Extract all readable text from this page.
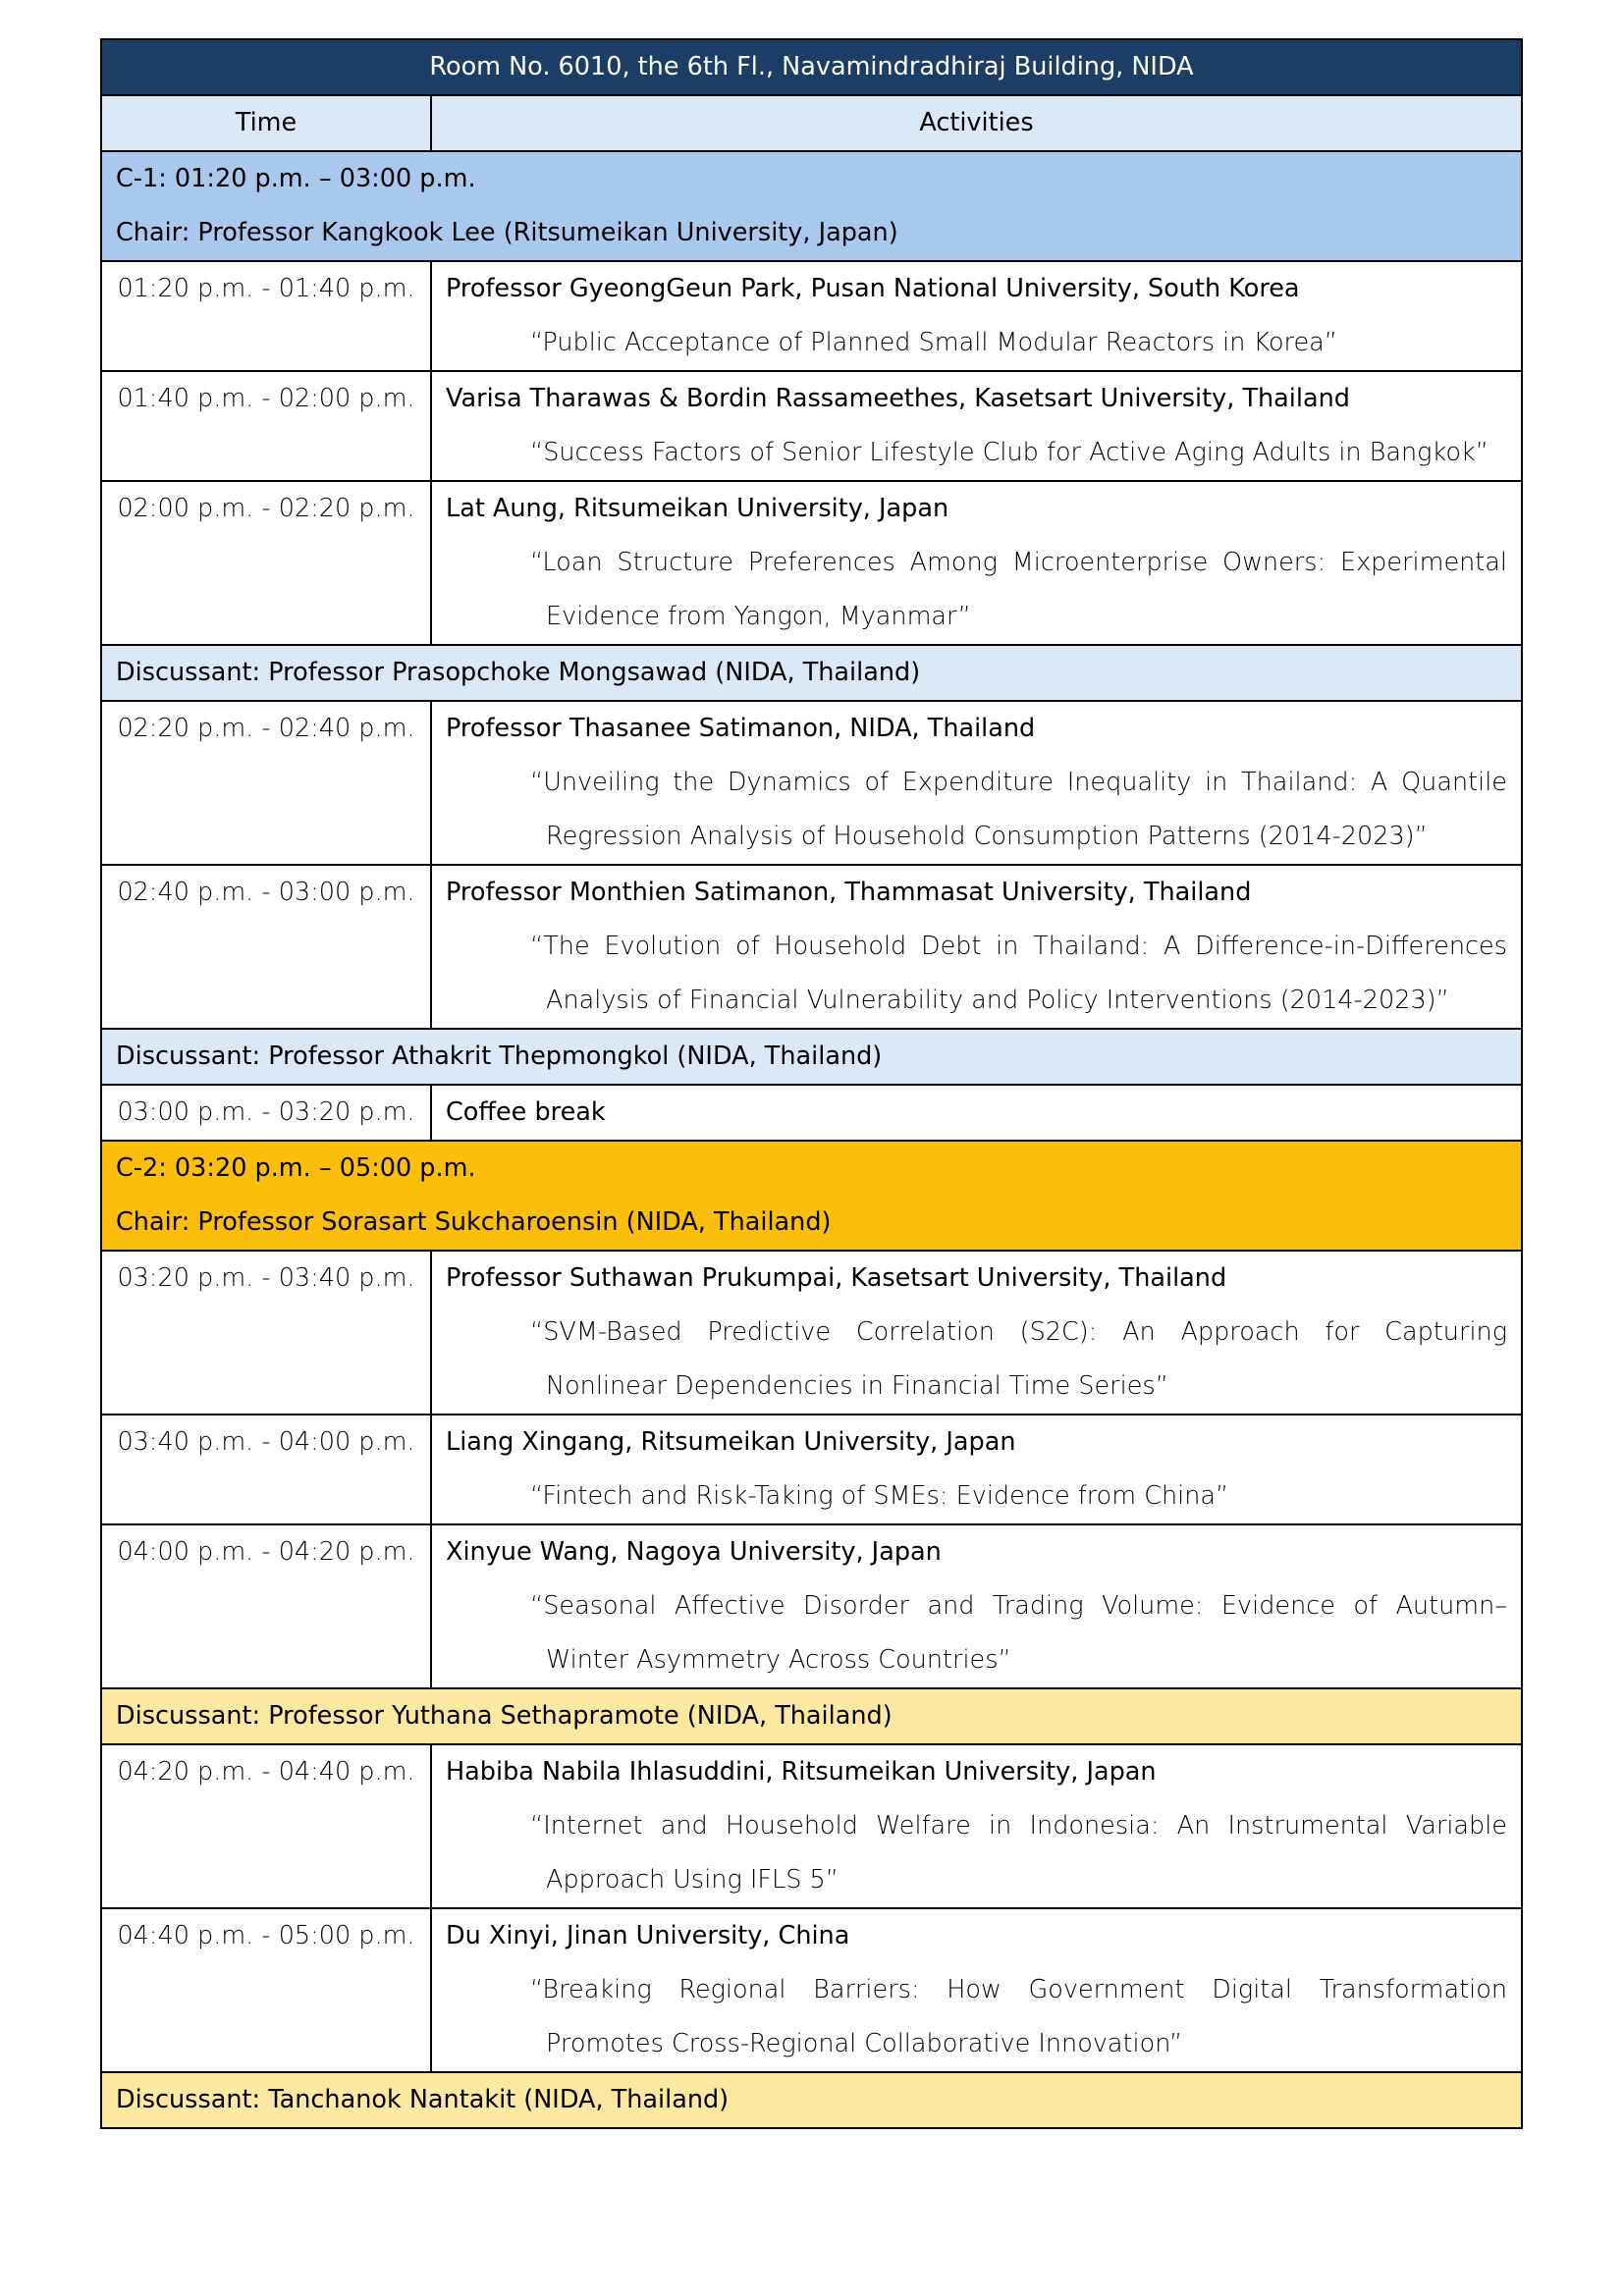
Room No. 6010, the 6th Fl., Navamindradhiraj Building, NIDA	
Time	Activities

C-1: 01:20 p.m. – 03:00 p.m.
Chair: Professor Kangkook Lee (Ritsumeikan University, Japan)	

01:20 p.m. - 01:40 p.m.	Professor GyeongGeun Park, Pusan National University, South Korea
“Public Acceptance of Planned Small Modular Reactors in Korea”

01:40 p.m. - 02:00 p.m.	Varisa Tharawas & Bordin Rassameethes, Kasetsart University, Thailand
“Success Factors of Senior Lifestyle Club for Active Aging Adults in Bangkok”

02:00 p.m. - 02:20 p.m.	Lat Aung, Ritsumeikan University, Japan
“Loan Structure Preferences Among Microenterprise Owners: Experimental Evidence from Yangon, Myanmar”

Discussant: Professor Prasopchoke Mongsawad (NIDA, Thailand)	
02:20 p.m. - 02:40 p.m.	Professor Thasanee Satimanon, NIDA, Thailand
“Unveiling the Dynamics of Expenditure Inequality in Thailand: A Quantile Regression Analysis of Household Consumption Patterns (2014-2023)”

02:40 p.m. - 03:00 p.m.	Professor Monthien Satimanon, Thammasat University, Thailand
“The Evolution of Household Debt in Thailand: A Difference-in-Differences Analysis of Financial Vulnerability and Policy Interventions (2014-2023)”

Discussant: Professor Athakrit Thepmongkol (NIDA, Thailand)	
03:00 p.m. - 03:20 p.m.	Coffee break

C-2: 03:20 p.m. – 05:00 p.m.
Chair: Professor Sorasart Sukcharoensin (NIDA, Thailand)	

03:20 p.m. - 03:40 p.m.	Professor Suthawan Prukumpai, Kasetsart University, Thailand
“SVM-Based Predictive Correlation (S2C): An Approach for Capturing Nonlinear Dependencies in Financial Time Series”

03:40 p.m. - 04:00 p.m.	Liang Xingang, Ritsumeikan University, Japan
“Fintech and Risk-Taking of SMEs: Evidence from China”

04:00 p.m. - 04:20 p.m.	Xinyue Wang, Nagoya University, Japan
“Seasonal Affective Disorder and Trading Volume: Evidence of Autumn–Winter Asymmetry Across Countries”

Discussant: Professor Yuthana Sethapramote (NIDA, Thailand)	
04:20 p.m. - 04:40 p.m.	Habiba Nabila Ihlasuddini, Ritsumeikan University, Japan
“Internet and Household Welfare in Indonesia: An Instrumental Variable Approach Using IFLS 5”

04:40 p.m. - 05:00 p.m.	Du Xinyi, Jinan University, China
“Breaking Regional Barriers: How Government Digital Transformation Promotes Cross-Regional Collaborative Innovation”

Discussant: Tanchanok Nantakit (NIDA, Thailand)	
